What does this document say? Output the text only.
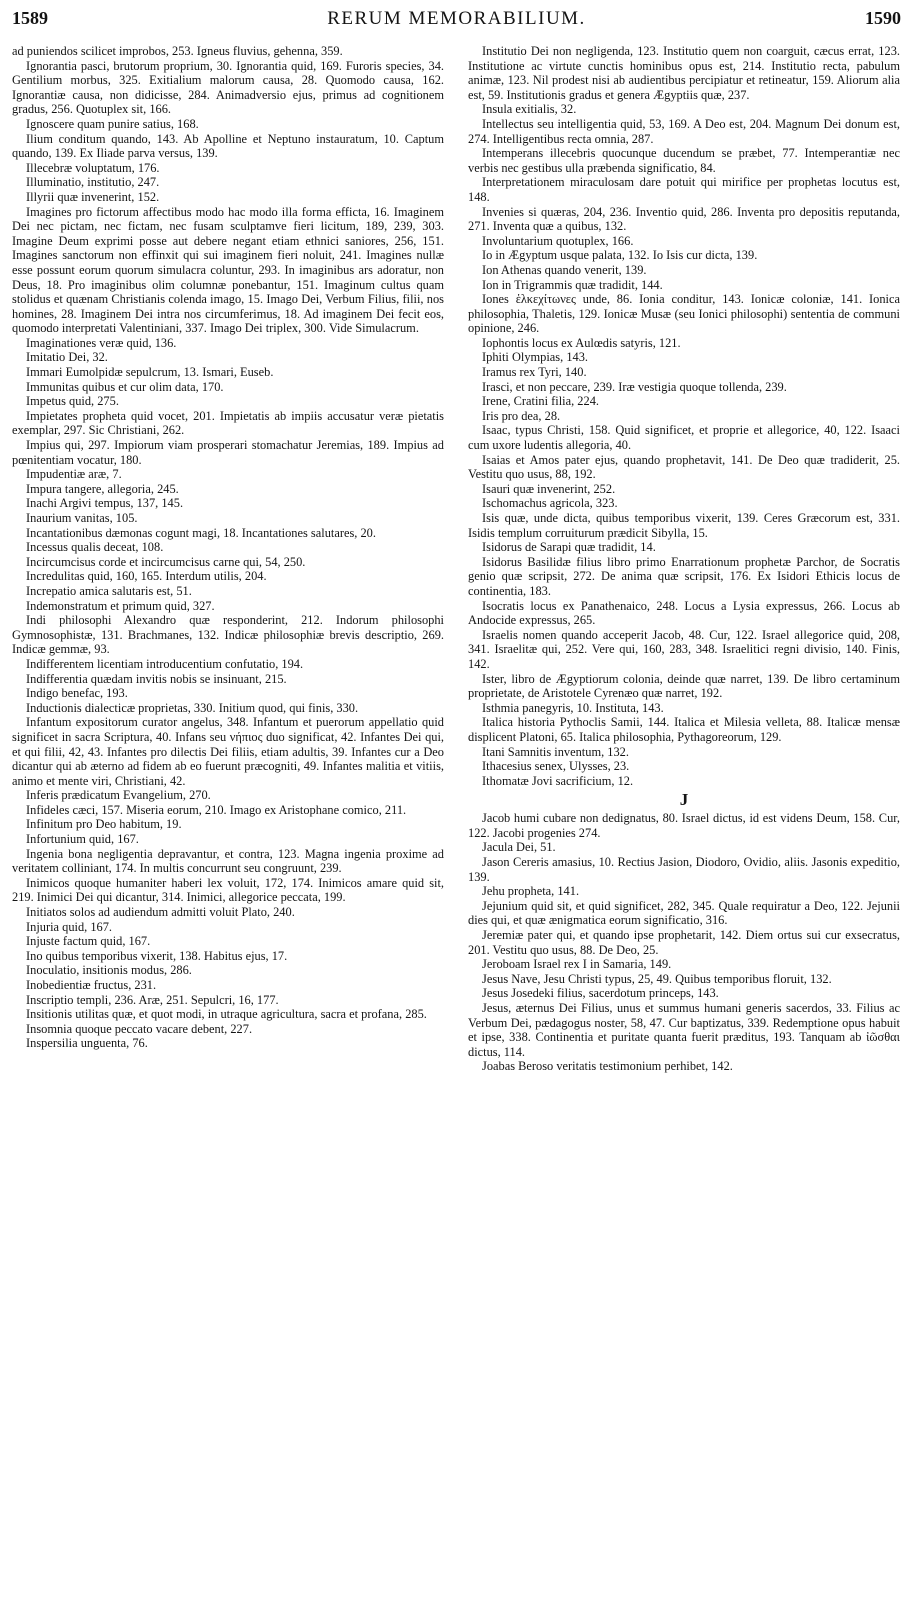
1589	RERUM MEMORABILIUM.	1590

ad puniendos scilicet improbos, 253. Igneus fluvius, gehenna, 359.

Ignorantia pasci, brutorum proprium, 30. Ignorantia quid, 169. Furoris species, 34. Gentilium morbus, 325. Exitialium malorum causa, 28. Quomodo causa, 162. Ignorantiæ causa, non didicisse, 284. Animadversio ejus, primus ad cognitionem gradus, 256. Quotuplex sit, 166.

Ignoscere quam punire satius, 168.

Ilium conditum quando, 143. Ab Apolline et Neptuno instauratum, 10. Captum quando, 139. Ex Iliade parva versus, 139.

Illecebræ voluptatum, 176.

Illuminatio, institutio, 247.

Illyrii quæ invenerint, 152.

Imagines pro fictorum affectibus modo hac modo illa forma efficta, 16. Imaginem Dei nec pictam, nec fictam, nec fusam sculptamve fieri licitum, 189, 239, 303. Imagine Deum exprimi posse aut debere negant etiam ethnici saniores, 256, 151. Imagines sanctorum non effinxit qui sui imaginem fieri noluit, 241. Imagines nullæ esse possunt eorum quorum simulacra coluntur, 293. In imaginibus ars adoratur, non Deus, 18. Pro imaginibus olim columnæ ponebantur, 151. Imaginum cultus quam stolidus et quænam Christianis colenda imago, 15. Imago Dei, Verbum Filius, filii, nos homines, 28. Imaginem Dei intra nos circumferimus, 18. Ad imaginem Dei fecit eos, quomodo interpretati Valentiniani, 337. Imago Dei triplex, 300. Vide Simulacrum.

Imaginationes veræ quid, 136.

Imitatio Dei, 32.

Immari Eumolpidæ sepulcrum, 13. Ismari, Euseb.

Immunitas quibus et cur olim data, 170.

Impetus quid, 275.

Impietates propheta quid vocet, 201. Impietatis ab impiis accusatur veræ pietatis exemplar, 297. Sic Christiani, 262.

Impius qui, 297. Impiorum viam prosperari stomachatur Jeremias, 189. Impius ad pœnitentiam vocatur, 180.

Impudentiæ aræ, 7.

Impura tangere, allegoria, 245.

Inachi Argivi tempus, 137, 145.

Inaurium vanitas, 105.

Incantationibus dæmonas cogunt magi, 18. Incantationes salutares, 20.

Incessus qualis deceat, 108.

Incircumcisus corde et incircumcisus carne qui, 54, 250.

Incredulitas quid, 160, 165. Interdum utilis, 204.

Increpatio amica salutaris est, 51.

Indemonstratum et primum quid, 327.

Indi philosophi Alexandro quæ responderint, 212. Indorum philosophi Gymnosophistæ, 131. Brachmanes, 132. Indicæ philosophiæ brevis descriptio, 269. Indicæ gemmæ, 93.

Indifferentem licentiam introducentium confutatio, 194.

Indifferentia quædam invitis nobis se insinuant, 215.

Indigo benefac, 193.

Inductionis dialecticæ proprietas, 330. Initium quod, qui finis, 330.

Infantum expositorum curator angelus, 348. Infantum et puerorum appellatio quid significet in sacra Scriptura, 40. Infans seu νήπιος duo significat, 42. Infantes Dei qui, et qui filii, 42, 43. Infantes pro dilectis Dei filiis, etiam adultis, 39. Infantes cur a Deo dicantur qui ab æterno ad fidem ab eo fuerunt præcogniti, 49. Infantes malitia et vitiis, animo et mente viri, Christiani, 42.

Inferis prædicatum Evangelium, 270.

Infideles cæci, 157. Miseria eorum, 210. Imago ex Aristophane comico, 211.

Infinitum pro Deo habitum, 19.

Infortunium quid, 167.

Ingenia bona negligentia depravantur, et contra, 123. Magna ingenia proxime ad veritatem colliniant, 174. In multis concurrunt seu congruunt, 239.

Inimicos quoque humaniter haberi lex voluit, 172, 174. Inimicos amare quid sit, 219. Inimici Dei qui dicantur, 314. Inimici, allegorice peccata, 199.

Initiatos solos ad audiendum admitti voluit Plato, 240.

Injuria quid, 167.

Injuste factum quid, 167.

Ino quibus temporibus vixerit, 138. Habitus ejus, 17.

Inoculatio, insitionis modus, 286.

Inobedientiæ fructus, 231.

Inscriptio templi, 236. Aræ, 251. Sepulcri, 16, 177.

Insitionis utilitas quæ, et quot modi, in utraque agricultura, sacra et profana, 285.

Insomnia quoque peccato vacare debent, 227.

Inspersilia unguenta, 76.

Institutio Dei non negligenda, 123. Institutio quem non coarguit, cæcus errat, 123. Institutione ac virtute cunctis hominibus opus est, 214. Institutio recta, pabulum animæ, 123. Nil prodest nisi ab audientibus percipiatur et retineatur, 159. Aliorum alia est, 59. Institutionis gradus et genera Ægyptiis quæ, 237.

Insula exitialis, 32.

Intellectus seu intelligentia quid, 53, 169. A Deo est, 204. Magnum Dei donum est, 274. Intelligentibus recta omnia, 287.

Intemperans illecebris quocunque ducendum se præbet, 77. Intemperantiæ nec verbis nec gestibus ulla præbenda significatio, 84.

Interpretationem miraculosam dare potuit qui mirifice per prophetas locutus est, 148.

Invenies si quæras, 204, 236. Inventio quid, 286. Inventa pro depositis reputanda, 271. Inventa quæ a quibus, 132.

Involuntarium quotuplex, 166.

Io in Ægyptum usque palata, 132. Io Isis cur dicta, 139.

Ion Athenas quando venerit, 139.

Ion in Trigrammis quæ tradidit, 144.

Iones ἑλκεχίτωνες unde, 86. Ionia conditur, 143. Ionicæ coloniæ, 141. Ionica philosophia, Thaletis, 129. Ionicæ Musæ (seu Ionici philosophi) sententia de communi opinione, 246.

Iophontis locus ex Aulœdis satyris, 121.

Iphiti Olympias, 143.

Iramus rex Tyri, 140.

Irasci, et non peccare, 239. Iræ vestigia quoque tollenda, 239.

Irene, Cratini filia, 224.

Iris pro dea, 28.

Isaac, typus Christi, 158. Quid significet, et proprie et allegorice, 40, 122. Isaaci cum uxore ludentis allegoria, 40.

Isaias et Amos pater ejus, quando prophetavit, 141. De Deo quæ tradiderit, 25. Vestitu quo usus, 88, 192.

Isauri quæ invenerint, 252.

Ischomachus agricola, 323.

Isis quæ, unde dicta, quibus temporibus vixerit, 139. Ceres Græcorum est, 331. Isidis templum corruiturum prædicit Sibylla, 15.

Isidorus de Sarapi quæ tradidit, 14.

Isidorus Basilidæ filius libro primo Enarrationum prophetæ Parchor, de Socratis genio quæ scripsit, 272. De anima quæ scripsit, 176. Ex Isidori Ethicis locus de continentia, 183.

Isocratis locus ex Panathenaico, 248. Locus a Lysia expressus, 266. Locus ab Andocide expressus, 265.

Israelis nomen quando acceperit Jacob, 48. Cur, 122. Israel allegorice quid, 208, 341. Israelitæ qui, 252. Vere qui, 160, 283, 348. Israelitici regni divisio, 140. Finis, 142.

Ister, libro de Ægyptiorum colonia, deinde quæ narret, 139. De libro certaminum proprietate, de Aristotele Cyrenæo quæ narret, 192.

Isthmia panegyris, 10. Instituta, 143.

Italica historia Pythoclis Samii, 144. Italica et Milesia velleta, 88. Italicæ mensæ displicent Platoni, 65. Italica philosophia, Pythagoreorum, 129.

Itani Samnitis inventum, 132.

Ithacesius senex, Ulysses, 23.

Ithomatæ Jovi sacrificium, 12.

J

Jacob humi cubare non dedignatus, 80. Israel dictus, id est videns Deum, 158. Cur, 122. Jacobi progenies 274.

Jacula Dei, 51.

Jason Cereris amasius, 10. Rectius Jasion, Diodoro, Ovidio, aliis. Jasonis expeditio, 139.

Jehu propheta, 141.

Jejunium quid sit, et quid significet, 282, 345. Quale requiratur a Deo, 122. Jejunii dies qui, et quæ ænigmatica eorum significatio, 316.

Jeremiæ pater qui, et quando ipse prophetarit, 142. Diem ortus sui cur exsecratus, 201. Vestitu quo usus, 88. De Deo, 25.

Jeroboam Israel rex I in Samaria, 149.

Jesus Nave, Jesu Christi typus, 25, 49. Quibus temporibus floruit, 132.

Jesus Josedeki filius, sacerdotum princeps, 143.

Jesus, æternus Dei Filius, unus et summus humani generis sacerdos, 33. Filius ac Verbum Dei, pædagogus noster, 58, 47. Cur baptizatus, 339. Redemptione opus habuit et ipse, 338. Continentia et puritate quanta fuerit præditus, 193. Tanquam ab ἰῶσθαι dictus, 114.

Joabas Beroso veritatis testimonium perhibet, 142.
